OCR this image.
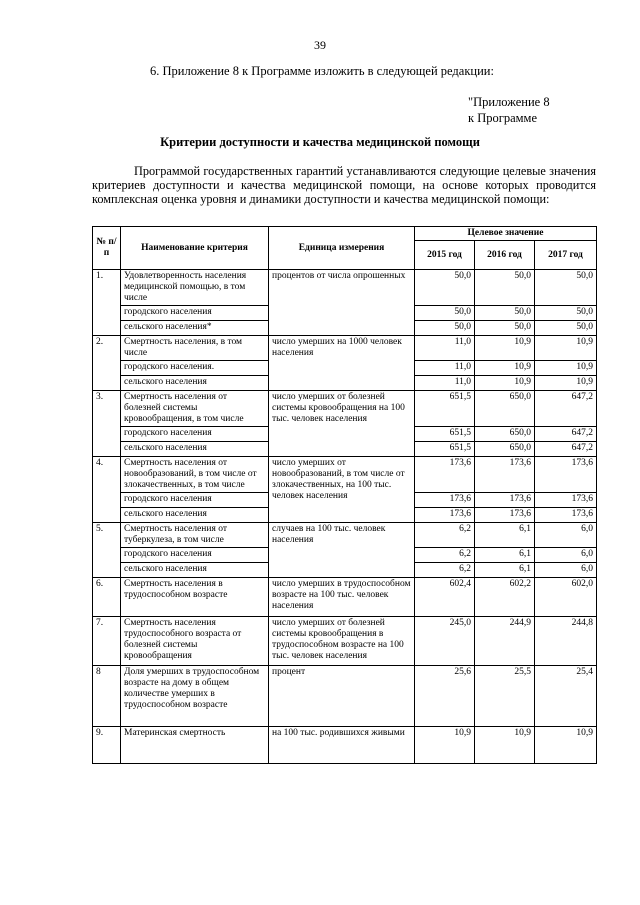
39
6. Приложение 8 к Программе изложить в следующей редакции:
"Приложение 8
к Программе
Критерии доступности и качества медицинской помощи

Программой государственных гарантий устанавливаются следующие целевые значения критериев доступности и качества медицинской помощи, на основе которых проводится комплексная оценка уровня и динамики доступности и качества медицинской помощи:

№ п/п	Наименование критерия	Единица измерения	Целевое значение		
			2015 год	2016 год	2017 год
1.	Удовлетворенность населения медицинской помощью, в том числе	процентов от числа опрошенных	50,0	50,0	50,0
	городского населения		50,0	50,0	50,0
	сельского населения*		50,0	50,0	50,0
2.	Смертность населения, в том числе	число умерших на 1000 человек населения	11,0	10,9	10,9
	городского населения.		11,0	10,9	10,9
	сельского населения		11,0	10,9	10,9
3.	Смертность населения от болезней системы кровообращения, в том числе	число умерших от болезней системы кровообращения на 100 тыс. человек населения	651,5	650,0	647,2
	городского населения		651,5	650,0	647,2
	сельского населения		651,5	650,0	647,2
4.	Смертность населения от новообразований, в том числе от злокачественных, в том числе	число умерших от новообразований, в том числе от злокачественных, на 100 тыс. человек населения	173,6	173,6	173,6
	городского населения		173,6	173,6	173,6
	сельского населения		173,6	173,6	173,6
5.	Смертность населения от туберкулеза, в том числе	случаев на 100 тыс. человек населения	6,2	6,1	6,0
	городского населения		6,2	6,1	6,0
	сельского населения		6,2	6,1	6,0
6.	Смертность населения в трудоспособном возрасте	число умерших в трудоспособном возрасте на 100 тыс. человек населения	602,4	602,2	602,0
7.	Смертность населения трудоспособного возраста от болезней системы кровообращения	число умерших от болезней системы кровообращения в трудоспособном возрасте на 100 тыс. человек населения	245,0	244,9	244,8
8	Доля умерших в трудоспособном возрасте на дому в общем количестве умерших в трудоспособном возрасте	процент	25,6	25,5	25,4
9.	Материнская смертность	на 100 тыс. родившихся живыми	10,9	10,9	10,9
